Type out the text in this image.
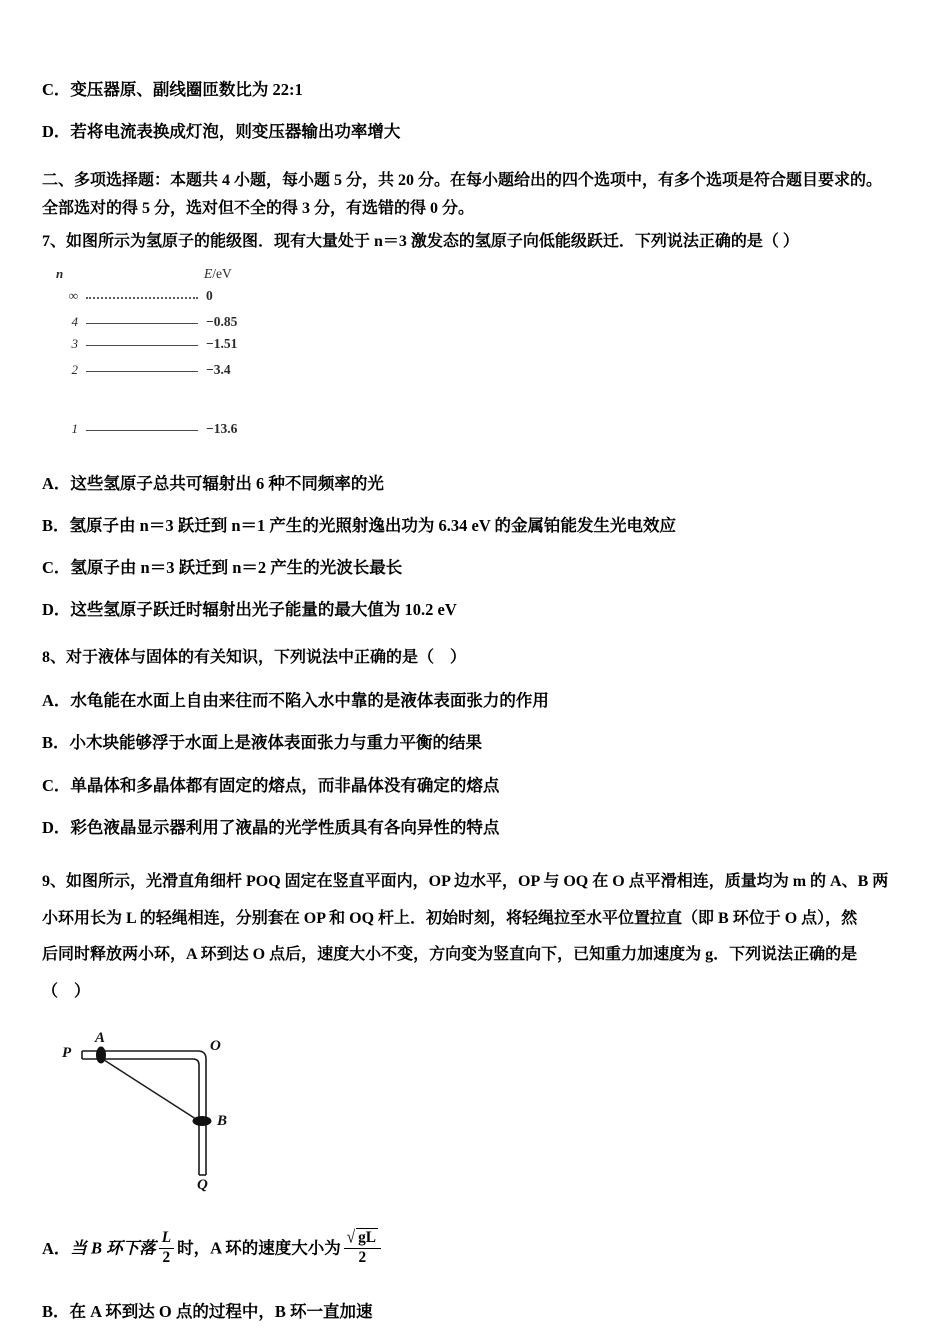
C．变压器原、副线圈匝数比为 22:1
D．若将电流表换成灯泡，则变压器输出功率增大
二、多项选择题：本题共 4 小题，每小题 5 分，共 20 分。在每小题给出的四个选项中，有多个选项是符合题目要求的。
全部选对的得 5 分，选对但不全的得 3 分，有选错的得 0 分。
7、如图所示为氢原子的能级图．现有大量处于 n＝3 激发态的氢原子向低能级跃迁．下列说法正确的是（ ）
n	E/eV
∞	0
4	−0.85
3	−1.51
2	−3.4
1	−13.6
A．这些氢原子总共可辐射出 6 种不同频率的光
B．氢原子由 n＝3 跃迁到 n＝1 产生的光照射逸出功为 6.34 eV 的金属铂能发生光电效应
C．氢原子由 n＝3 跃迁到 n＝2 产生的光波长最长
D．这些氢原子跃迁时辐射出光子能量的最大值为 10.2 eV
8、对于液体与固体的有关知识，下列说法中正确的是（　）
A．水龟能在水面上自由来往而不陷入水中靠的是液体表面张力的作用
B．小木块能够浮于水面上是液体表面张力与重力平衡的结果
C．单晶体和多晶体都有固定的熔点，而非晶体没有确定的熔点
D．彩色液晶显示器利用了液晶的光学性质具有各向异性的特点
9、如图所示，光滑直角细杆 POQ 固定在竖直平面内，OP 边水平，OP 与 OQ 在 O 点平滑相连，质量均为 m 的 A、B 两
小环用长为 L 的轻绳相连，分别套在 OP 和 OQ 杆上．初始时刻，将轻绳拉至水平位置拉直（即 B 环位于 O 点），然
后同时释放两小环，A 环到达 O 点后，速度大小不变，方向变为竖直向下，已知重力加速度为 g．下列说法正确的是
（　）
P	O
Q
A
B
A．当 B 环下落 $\frac{L}{2}$ 时，A 环的速度大小为 $\frac{√ gL}{2}$
B．在 A 环到达 O 点的过程中，B 环一直加速
